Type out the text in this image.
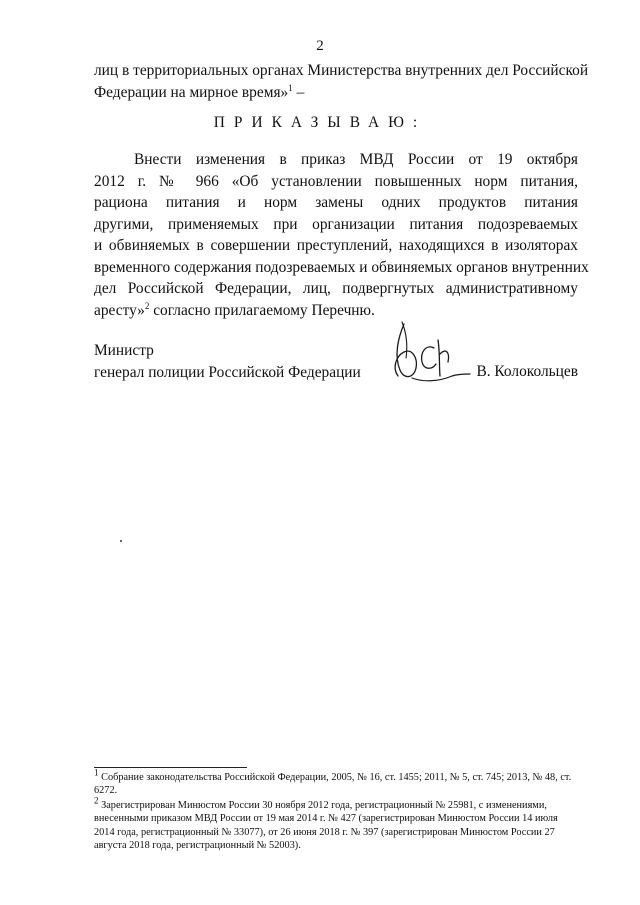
2
лиц в территориальных органах Министерства внутренних дел Российской
Федерации на мирное время»$^1$ –
ПРИКАЗЫВАЮ:
Внести изменения в приказ МВД России от 19 октября
2012 г. № 966 «Об установлении повышенных норм питания,
рациона питания и норм замены одних продуктов питания
другими, применяемых при организации питания подозреваемых
и обвиняемых в совершении преступлений, находящихся в изоляторах
временного содержания подозреваемых и обвиняемых органов внутренних
дел Российской Федерации, лиц, подвергнутых административному
аресту»$^2$ согласно прилагаемому Перечню.
Министр
генерал полиции Российской Федерации	В. Колокольцев
$^1$ Собрание законодательства Российской Федерации, 2005, № 16, ст. 1455; 2011, № 5, ст. 745; 2013, № 48, ст. 6272.
$^2$ Зарегистрирован Минюстом России 30 ноября 2012 года, регистрационный № 25981, с изменениями, внесенными приказом МВД России от 19 мая 2014 г. № 427 (зарегистрирован Минюстом России 14 июля 2014 года, регистрационный № 33077), от 26 июня 2018 г. № 397 (зарегистрирован Минюстом России 27 августа 2018 года, регистрационный № 52003).
